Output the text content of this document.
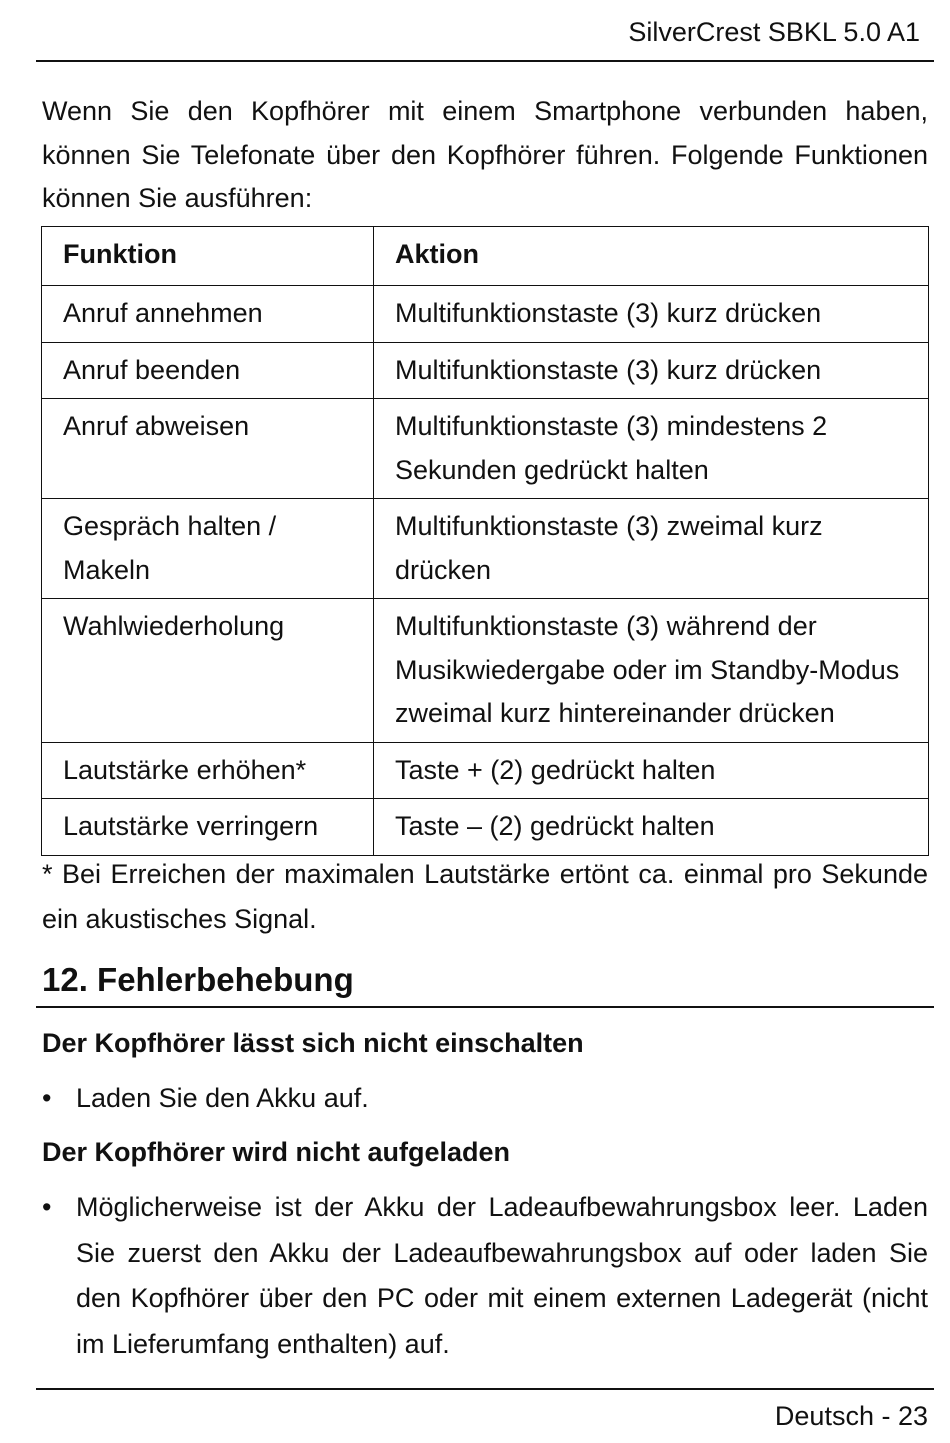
SilverCrest SBKL 5.0 A1

Wenn Sie den Kopfhörer mit einem Smartphone verbunden haben, können Sie Telefonate über den Kopfhörer führen. Folgende Funktionen können Sie ausführen:

Funktion	Aktion
Anruf annehmen	Multifunktionstaste (3) kurz drücken
Anruf beenden	Multifunktionstaste (3) kurz drücken
Anruf abweisen	Multifunktionstaste (3) mindestens 2 Sekunden gedrückt halten
Gespräch halten / Makeln	Multifunktionstaste (3) zweimal kurz drücken
Wahlwiederholung	Multifunktionstaste (3) während der Musikwiedergabe oder im Standby-Modus zweimal kurz hintereinander drücken
Lautstärke erhöhen*	Taste + (2) gedrückt halten
Lautstärke verringern	Taste – (2) gedrückt halten

* Bei Erreichen der maximalen Lautstärke ertönt ca. einmal pro Sekunde ein akustisches Signal.

12. Fehlerbehebung
Der Kopfhörer lässt sich nicht einschalten
• Laden Sie den Akku auf.
Der Kopfhörer wird nicht aufgeladen
• Möglicherweise ist der Akku der Ladeaufbewahrungsbox leer. Laden Sie zuerst den Akku der Ladeaufbewahrungsbox auf oder laden Sie den Kopfhörer über den PC oder mit einem externen Ladegerät (nicht im Lieferumfang enthalten) auf.
Deutsch - 23
